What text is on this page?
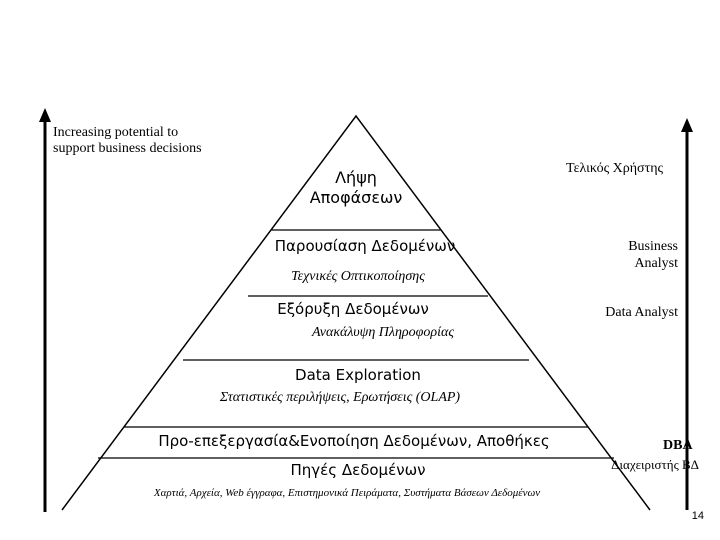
Increasing potential to support business decisions
Λήψη Αποφάσεων
Παρουσίαση Δεδομένων
Τεχνικές Οπτικοποίησης
Εξόρυξη Δεδομένων
Ανακάλυψη Πληροφορίας
Data Exploration
Στατιστικές περιλήψεις, Ερωτήσεις (OLAP)
Προ-επεξεργασία&Ενοποίηση Δεδομένων, Αποθήκες
Πηγές Δεδομένων
Χαρτιά, Αρχεία, Web έγγραφα, Επιστημονικά Πειράματα, Συστήματα Βάσεων Δεδομένων
Τελικός Χρήστης
Business Analyst
Data Analyst
DBA
Διαχειριστής ΒΔ
14
